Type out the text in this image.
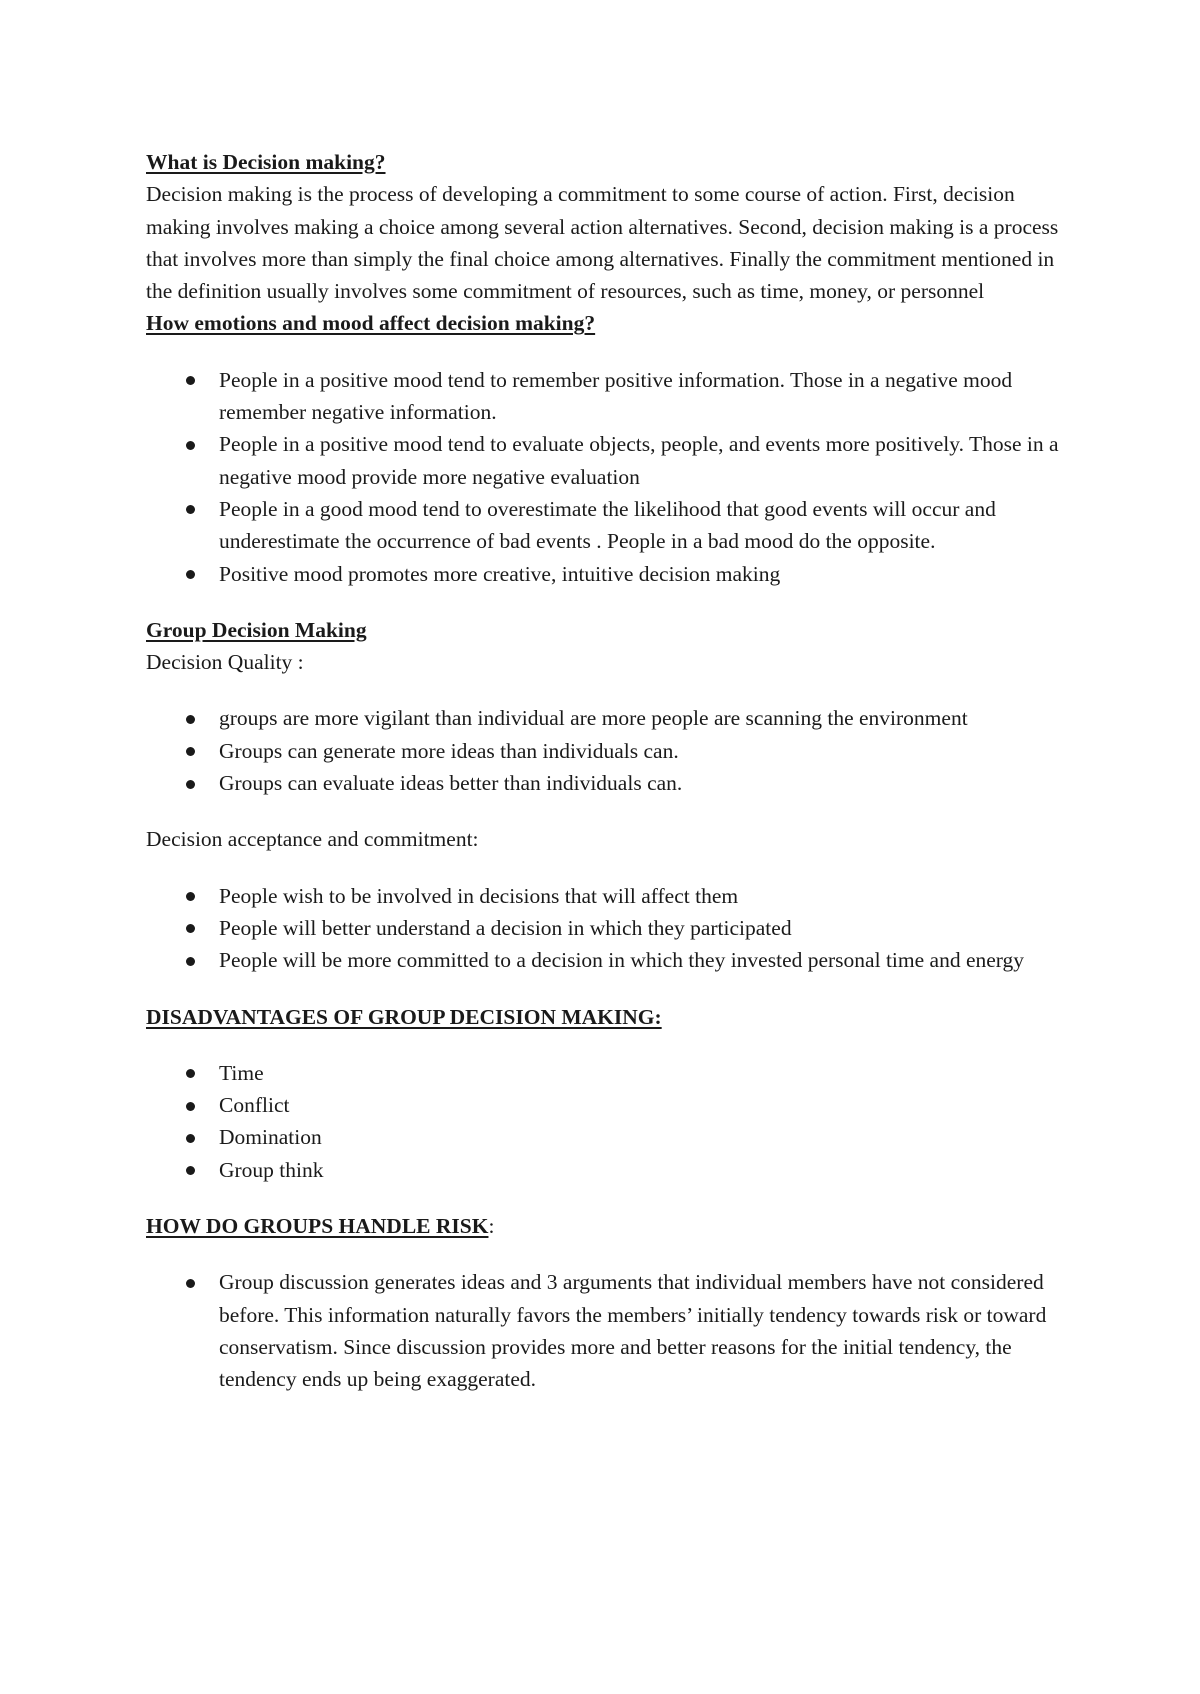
What is Decision making?

Decision making is the process of developing a commitment to some course of action. First, decision making involves making a choice among several action alternatives. Second, decision making is a process that involves more than simply the final choice among alternatives. Finally the commitment mentioned in the definition usually involves some commitment of resources, such as time, money, or personnel

How emotions and mood affect decision making?
People in a positive mood tend to remember positive information. Those in a negative mood remember negative information.
People in a positive mood tend to evaluate objects, people, and events more positively. Those in a negative mood provide more negative evaluation
People in a good mood tend to overestimate the likelihood that good events will occur and underestimate the occurrence of bad events . People in a bad mood do the opposite.
Positive mood promotes more creative, intuitive decision making
Group Decision Making

Decision Quality :

groups are more vigilant than individual are more people are scanning the environment
Groups can generate more ideas than individuals can.
Groups can evaluate ideas better than individuals can.

Decision acceptance and commitment:

People wish to be involved in decisions that will affect them
People will better understand a decision in which they participated
People will be more committed to a decision in which they invested personal time and energy
DISADVANTAGES OF GROUP DECISION MAKING:
Time
Conflict
Domination
Group think
HOW DO GROUPS HANDLE RISK:
Group discussion generates ideas and 3 arguments that individual members have not considered before. This information naturally favors the members’ initially tendency towards risk or toward conservatism. Since discussion provides more and better reasons for the initial tendency, the tendency ends up being exaggerated.
